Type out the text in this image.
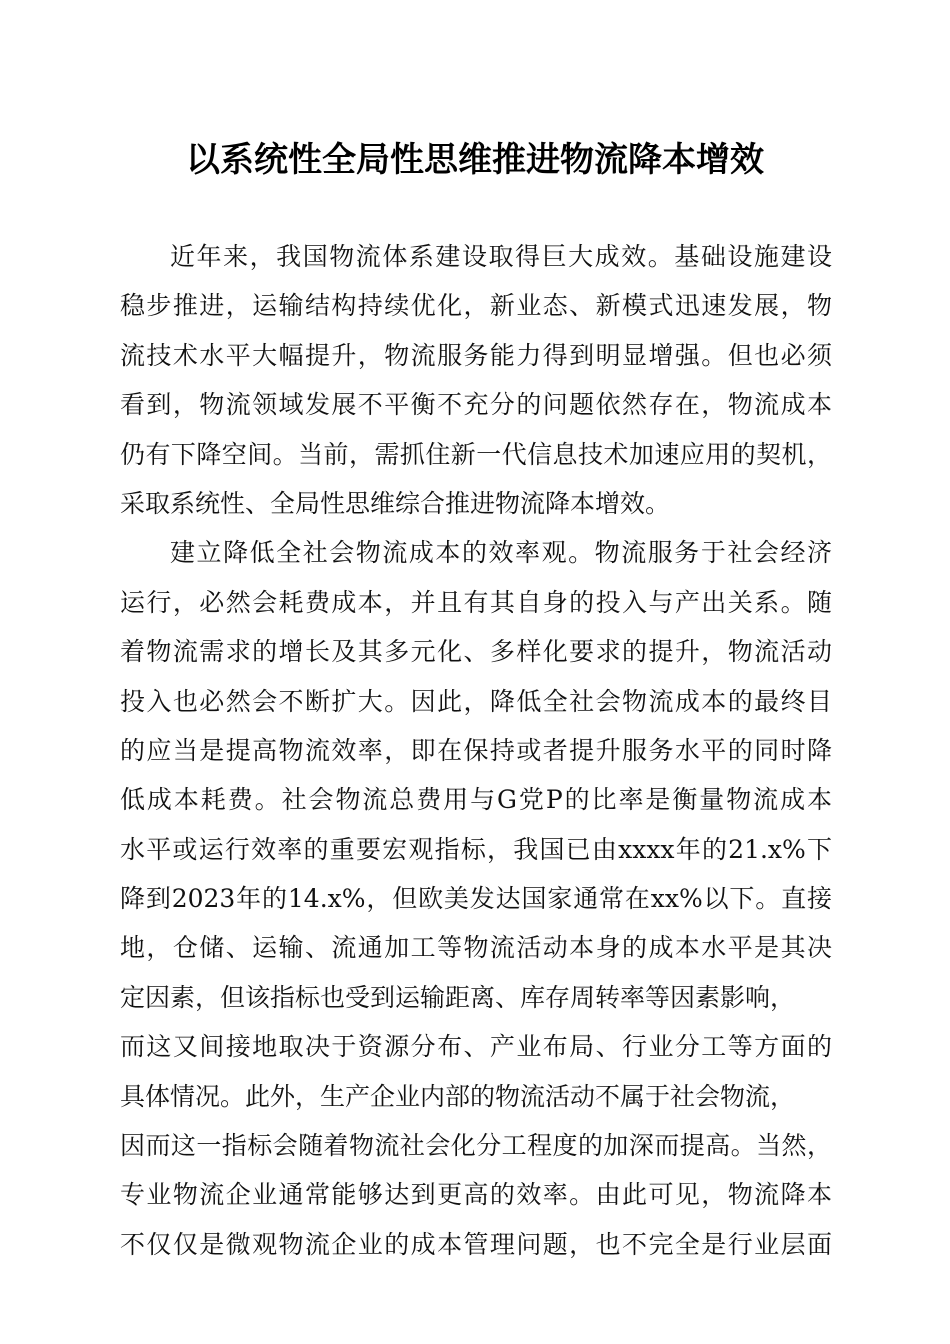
以系统性全局性思维推进物流降本增效
近年来，我国物流体系建设取得巨大成效。基础设施建设
稳步推进，运输结构持续优化，新业态、新模式迅速发展，物
流技术水平大幅提升，物流服务能力得到明显增强。但也必须
看到，物流领域发展不平衡不充分的问题依然存在，物流成本
仍有下降空间。当前，需抓住新一代信息技术加速应用的契机，
采取系统性、全局性思维综合推进物流降本增效。
建立降低全社会物流成本的效率观。物流服务于社会经济
运行，必然会耗费成本，并且有其自身的投入与产出关系。随
着物流需求的增长及其多元化、多样化要求的提升，物流活动
投入也必然会不断扩大。因此，降低全社会物流成本的最终目
的应当是提高物流效率，即在保持或者提升服务水平的同时降
低成本耗费。社会物流总费用与G党P的比率是衡量物流成本
水平或运行效率的重要宏观指标，我国已由xxxx年的21.x%下
降到2023年的14.x%，但欧美发达国家通常在xx%以下。直接
地，仓储、运输、流通加工等物流活动本身的成本水平是其决
定因素，但该指标也受到运输距离、库存周转率等因素影响，
而这又间接地取决于资源分布、产业布局、行业分工等方面的
具体情况。此外，生产企业内部的物流活动不属于社会物流，
因而这一指标会随着物流社会化分工程度的加深而提高。当然，
专业物流企业通常能够达到更高的效率。由此可见，物流降本
不仅仅是微观物流企业的成本管理问题，也不完全是行业层面
